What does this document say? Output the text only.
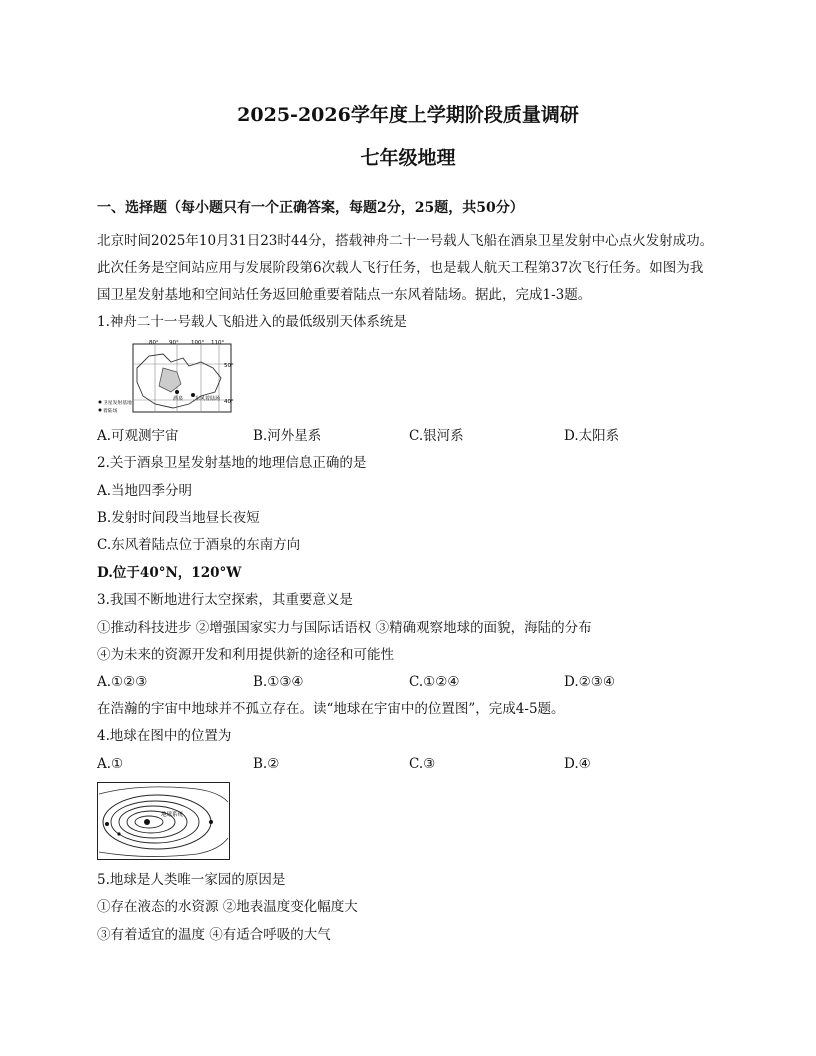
2025-2026学年度上学期阶段质量调研
七年级地理
一、选择题（每小题只有一个正确答案，每题2分，25题，共50分）
北京时间2025年10月31日23时44分，搭载神舟二十一号载人飞船在酒泉卫星发射中心点火发射成功。
此次任务是空间站应用与发展阶段第6次载人飞行任务，也是载人航天工程第37次飞行任务。如图为我
国卫星发射基地和空间站任务返回舱重要着陆点一东风着陆场。据此，完成1-3题。
1.神舟二十一号载人飞船进入的最低级别天体系统是
80° 90° 100° 110°
50°
40°
酒泉 东风着陆场
卫星发射基地
着陆场
A.可观测宇宙	B.河外星系	C.银河系	D.太阳系
2.关于酒泉卫星发射基地的地理信息正确的是
A.当地四季分明
B.发射时间段当地昼长夜短
C.东风着陆点位于酒泉的东南方向
D.位于40°N，120°W
3.我国不断地进行太空探索，其重要意义是
①推动科技进步 ②增强国家实力与国际话语权 ③精确观察地球的面貌，海陆的分布
④为未来的资源开发和利用提供新的途径和可能性
A.①②③	B.①③④	C.①②④	D.②③④
在浩瀚的宇宙中地球并不孤立存在。读“地球在宇宙中的位置图”，完成4-5题。
4.地球在图中的位置为
A.①	B.②	C.③	D.④
地球系统
5.地球是人类唯一家园的原因是
①存在液态的水资源 ②地表温度变化幅度大
③有着适宜的温度 ④有适合呼吸的大气
